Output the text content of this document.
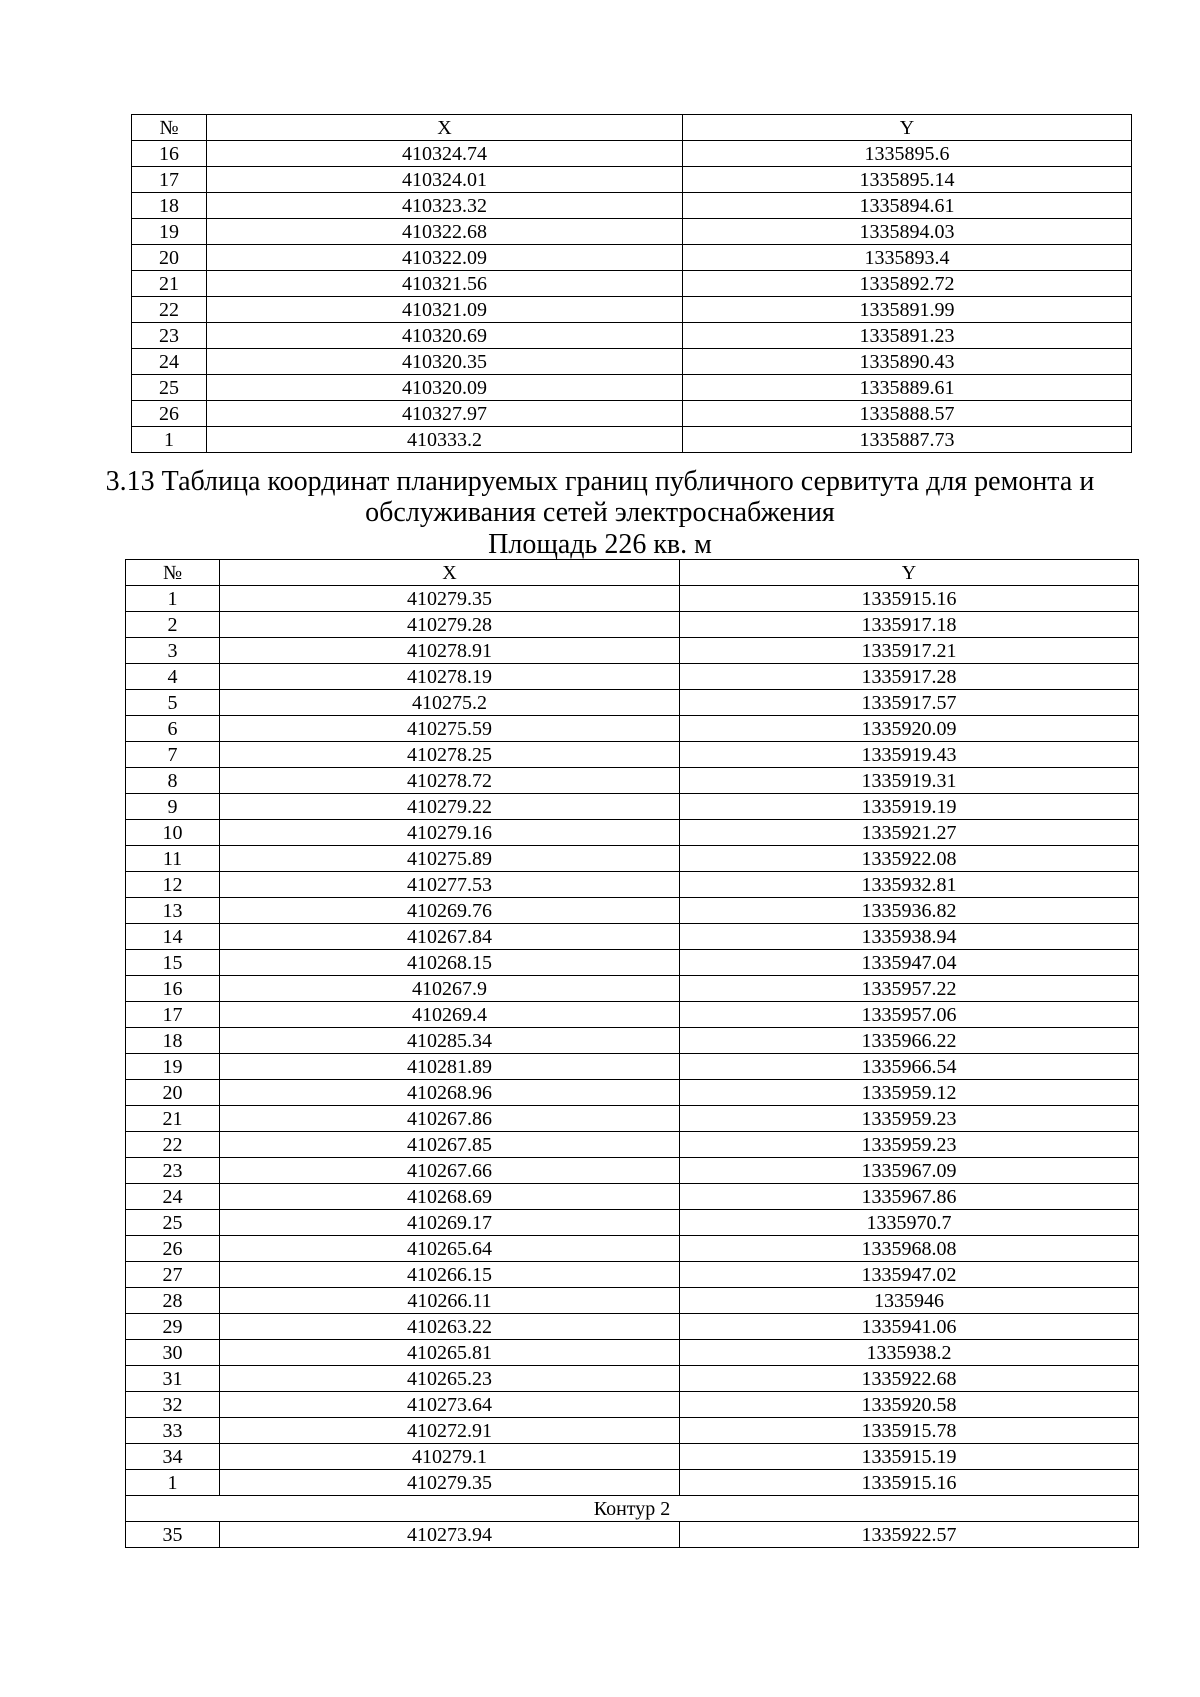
№	X	Y
16	410324.74	1335895.6
17	410324.01	1335895.14
18	410323.32	1335894.61
19	410322.68	1335894.03
20	410322.09	1335893.4
21	410321.56	1335892.72
22	410321.09	1335891.99
23	410320.69	1335891.23
24	410320.35	1335890.43
25	410320.09	1335889.61
26	410327.97	1335888.57
1	410333.2	1335887.73
3.13 Таблица координат планируемых границ публичного сервитута для ремонта и
обслуживания сетей электроснабжения
Площадь 226 кв. м
№	X	Y
1	410279.35	1335915.16
2	410279.28	1335917.18
3	410278.91	1335917.21
4	410278.19	1335917.28
5	410275.2	1335917.57
6	410275.59	1335920.09
7	410278.25	1335919.43
8	410278.72	1335919.31
9	410279.22	1335919.19
10	410279.16	1335921.27
11	410275.89	1335922.08
12	410277.53	1335932.81
13	410269.76	1335936.82
14	410267.84	1335938.94
15	410268.15	1335947.04
16	410267.9	1335957.22
17	410269.4	1335957.06
18	410285.34	1335966.22
19	410281.89	1335966.54
20	410268.96	1335959.12
21	410267.86	1335959.23
22	410267.85	1335959.23
23	410267.66	1335967.09
24	410268.69	1335967.86
25	410269.17	1335970.7
26	410265.64	1335968.08
27	410266.15	1335947.02
28	410266.11	1335946
29	410263.22	1335941.06
30	410265.81	1335938.2
31	410265.23	1335922.68
32	410273.64	1335920.58
33	410272.91	1335915.78
34	410279.1	1335915.19
1	410279.35	1335915.16
Контур 2		
35	410273.94	1335922.57
